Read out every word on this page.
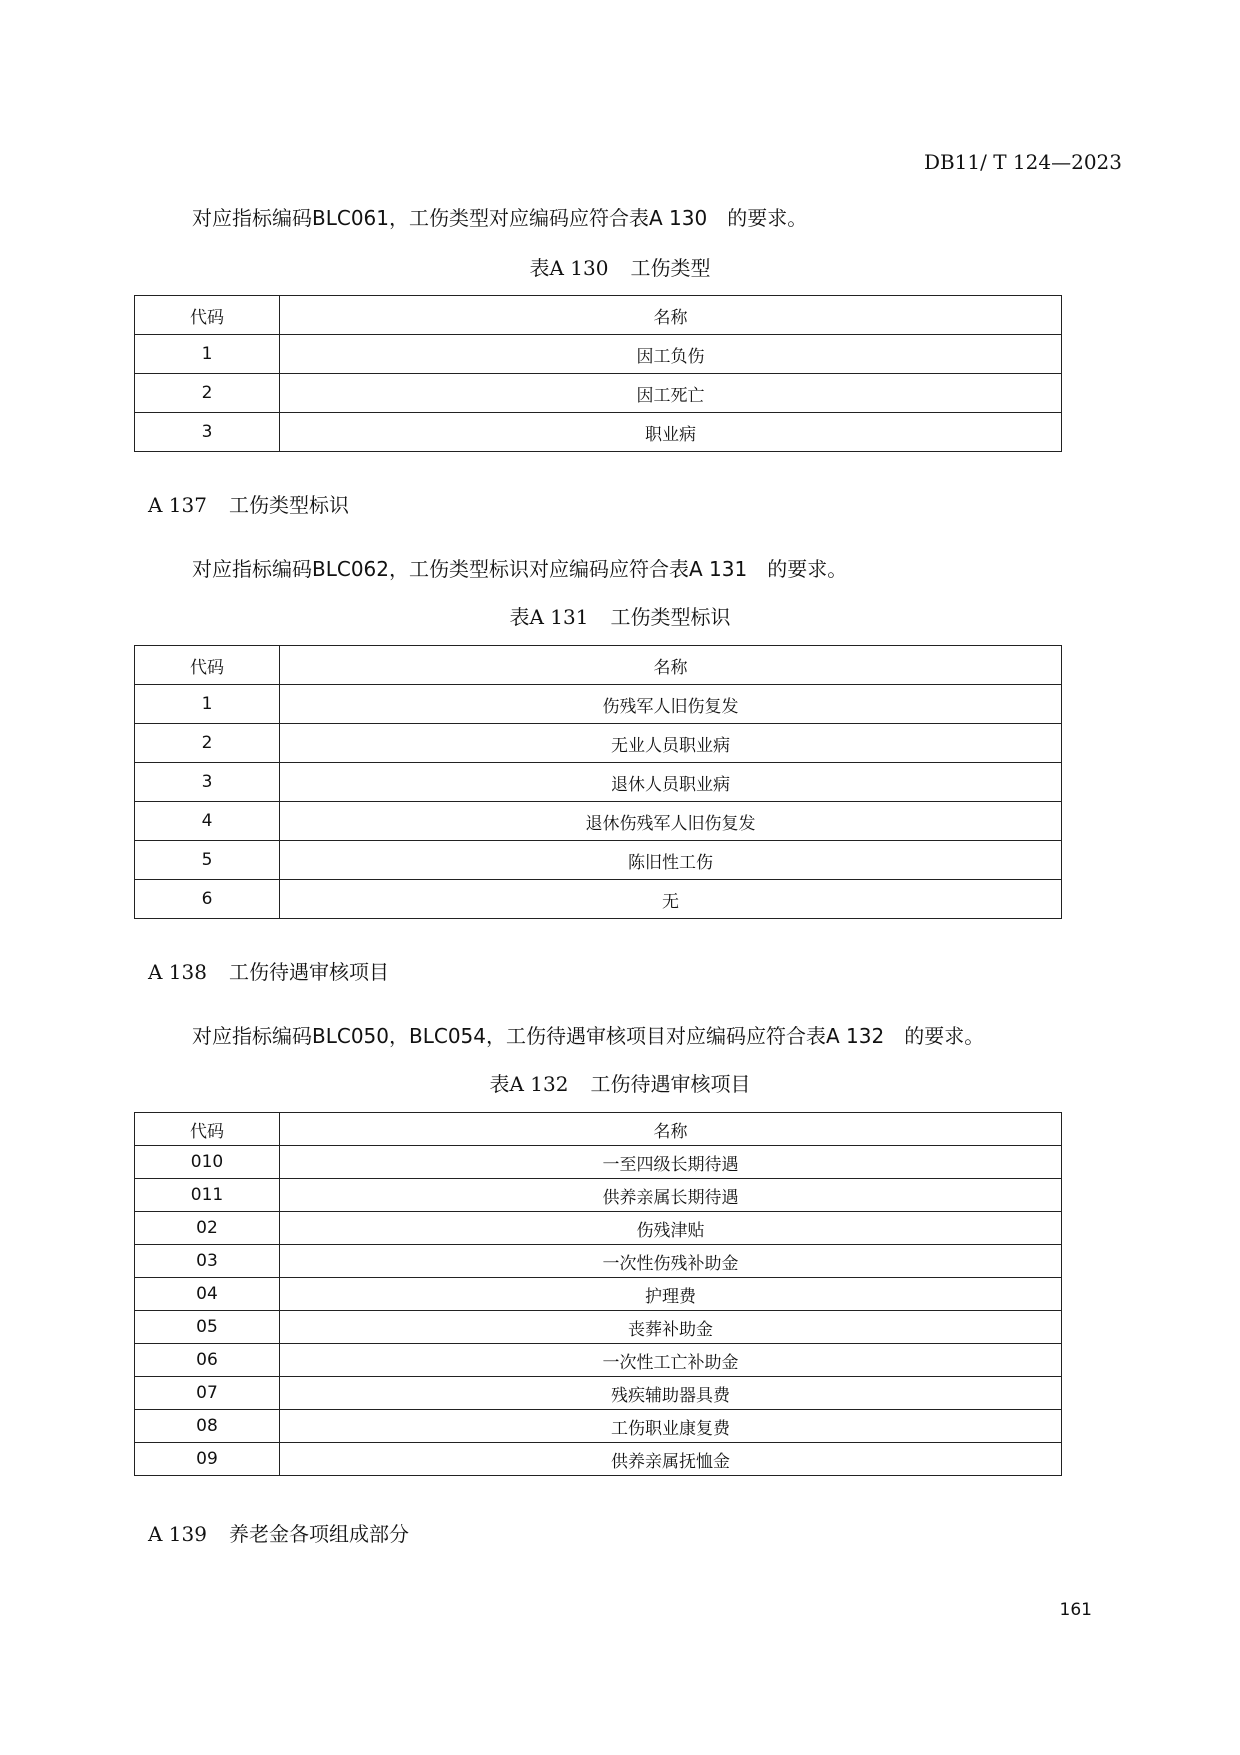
DB11/ T 124—2023
对应指标编码BLC061，工伤类型对应编码应符合表A 130　的要求。
表A 130 工伤类型
代码	名称
1	因工负伤
2	因工死亡
3	职业病
A 137 工伤类型标识
对应指标编码BLC062，工伤类型标识对应编码应符合表A 131　的要求。
表A 131 工伤类型标识
代码	名称
1	伤残军人旧伤复发
2	无业人员职业病
3	退休人员职业病
4	退休伤残军人旧伤复发
5	陈旧性工伤
6	无
A 138 工伤待遇审核项目
对应指标编码BLC050，BLC054，工伤待遇审核项目对应编码应符合表A 132　的要求。
表A 132 工伤待遇审核项目
代码	名称
010	一至四级长期待遇
011	供养亲属长期待遇
02	伤残津贴
03	一次性伤残补助金
04	护理费
05	丧葬补助金
06	一次性工亡补助金
07	残疾辅助器具费
08	工伤职业康复费
09	供养亲属抚恤金
A 139 养老金各项组成部分
161
